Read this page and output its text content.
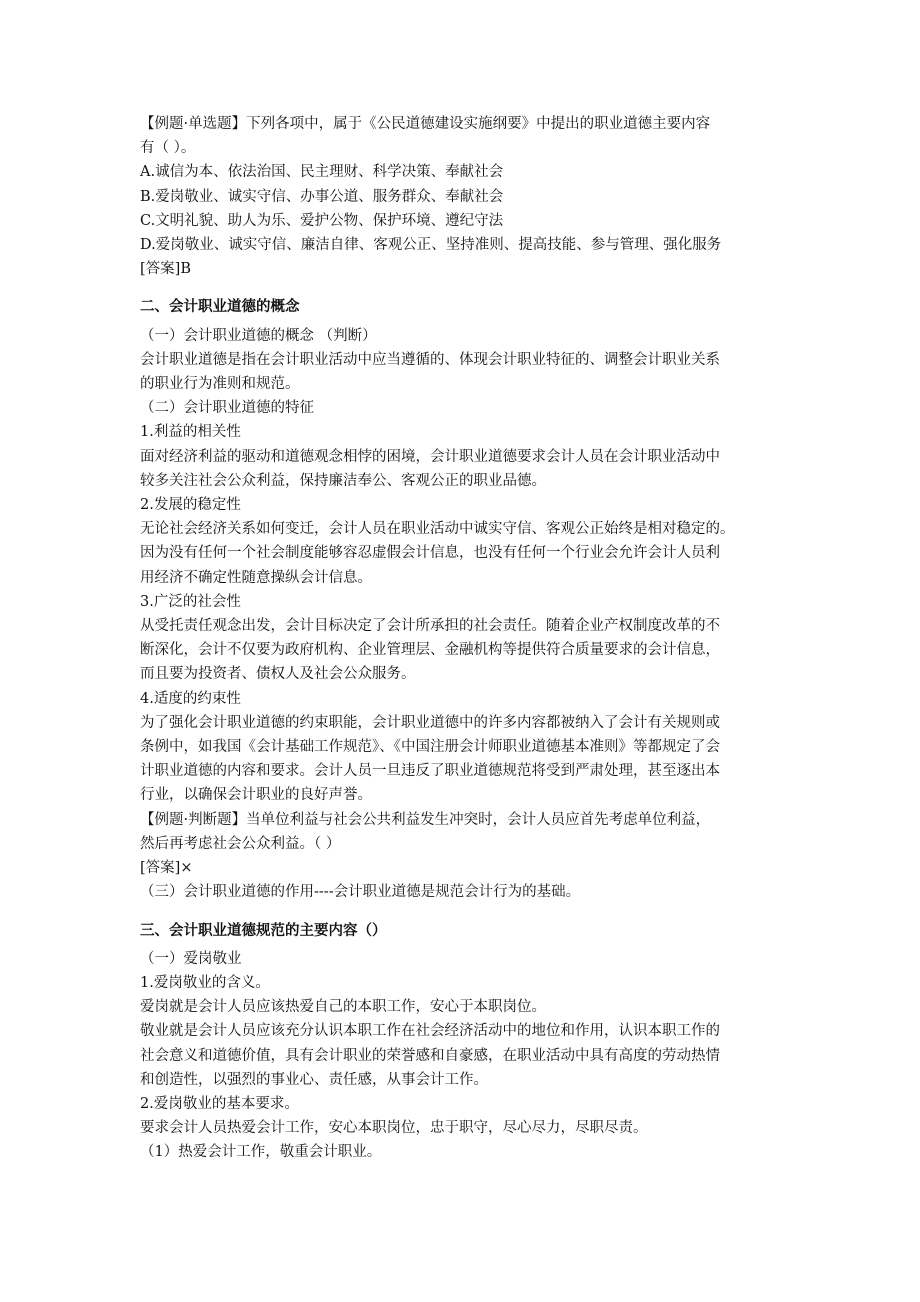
【例题·单选题】下列各项中，属于《公民道德建设实施纲要》中提出的职业道德主要内容
有（ ）。
A.诚信为本、依法治国、民主理财、科学决策、奉献社会
B.爱岗敬业、诚实守信、办事公道、服务群众、奉献社会
C.文明礼貌、助人为乐、爱护公物、保护环境、遵纪守法
D.爱岗敬业、诚实守信、廉洁自律、客观公正、坚持准则、提高技能、参与管理、强化服务
[答案]B
二、会计职业道德的概念
（一）会计职业道德的概念 （判断）
会计职业道德是指在会计职业活动中应当遵循的、体现会计职业特征的、调整会计职业关系
的职业行为准则和规范。
（二）会计职业道德的特征
1.利益的相关性
面对经济利益的驱动和道德观念相悖的困境，会计职业道德要求会计人员在会计职业活动中
较多关注社会公众利益，保持廉洁奉公、客观公正的职业品德。
2.发展的稳定性
无论社会经济关系如何变迁，会计人员在职业活动中诚实守信、客观公正始终是相对稳定的。
因为没有任何一个社会制度能够容忍虚假会计信息，也没有任何一个行业会允许会计人员利
用经济不确定性随意操纵会计信息。
3.广泛的社会性
从受托责任观念出发，会计目标决定了会计所承担的社会责任。随着企业产权制度改革的不
断深化，会计不仅要为政府机构、企业管理层、金融机构等提供符合质量要求的会计信息，
而且要为投资者、债权人及社会公众服务。
4.适度的约束性
为了强化会计职业道德的约束职能，会计职业道德中的许多内容都被纳入了会计有关规则或
条例中，如我国《会计基础工作规范》、《中国注册会计师职业道德基本准则》等都规定了会
计职业道德的内容和要求。会计人员一旦违反了职业道德规范将受到严肃处理，甚至逐出本
行业，以确保会计职业的良好声誉。
【例题·判断题】当单位利益与社会公共利益发生冲突时，会计人员应首先考虑单位利益，
然后再考虑社会公众利益。（ ）
[答案]×
（三）会计职业道德的作用----会计职业道德是规范会计行为的基础。
三、会计职业道德规范的主要内容（）
（一）爱岗敬业
1.爱岗敬业的含义。
爱岗就是会计人员应该热爱自己的本职工作，安心于本职岗位。
敬业就是会计人员应该充分认识本职工作在社会经济活动中的地位和作用，认识本职工作的
社会意义和道德价值，具有会计职业的荣誉感和自豪感，在职业活动中具有高度的劳动热情
和创造性，以强烈的事业心、责任感，从事会计工作。
2.爱岗敬业的基本要求。
要求会计人员热爱会计工作，安心本职岗位，忠于职守，尽心尽力，尽职尽责。
（1）热爱会计工作，敬重会计职业。
